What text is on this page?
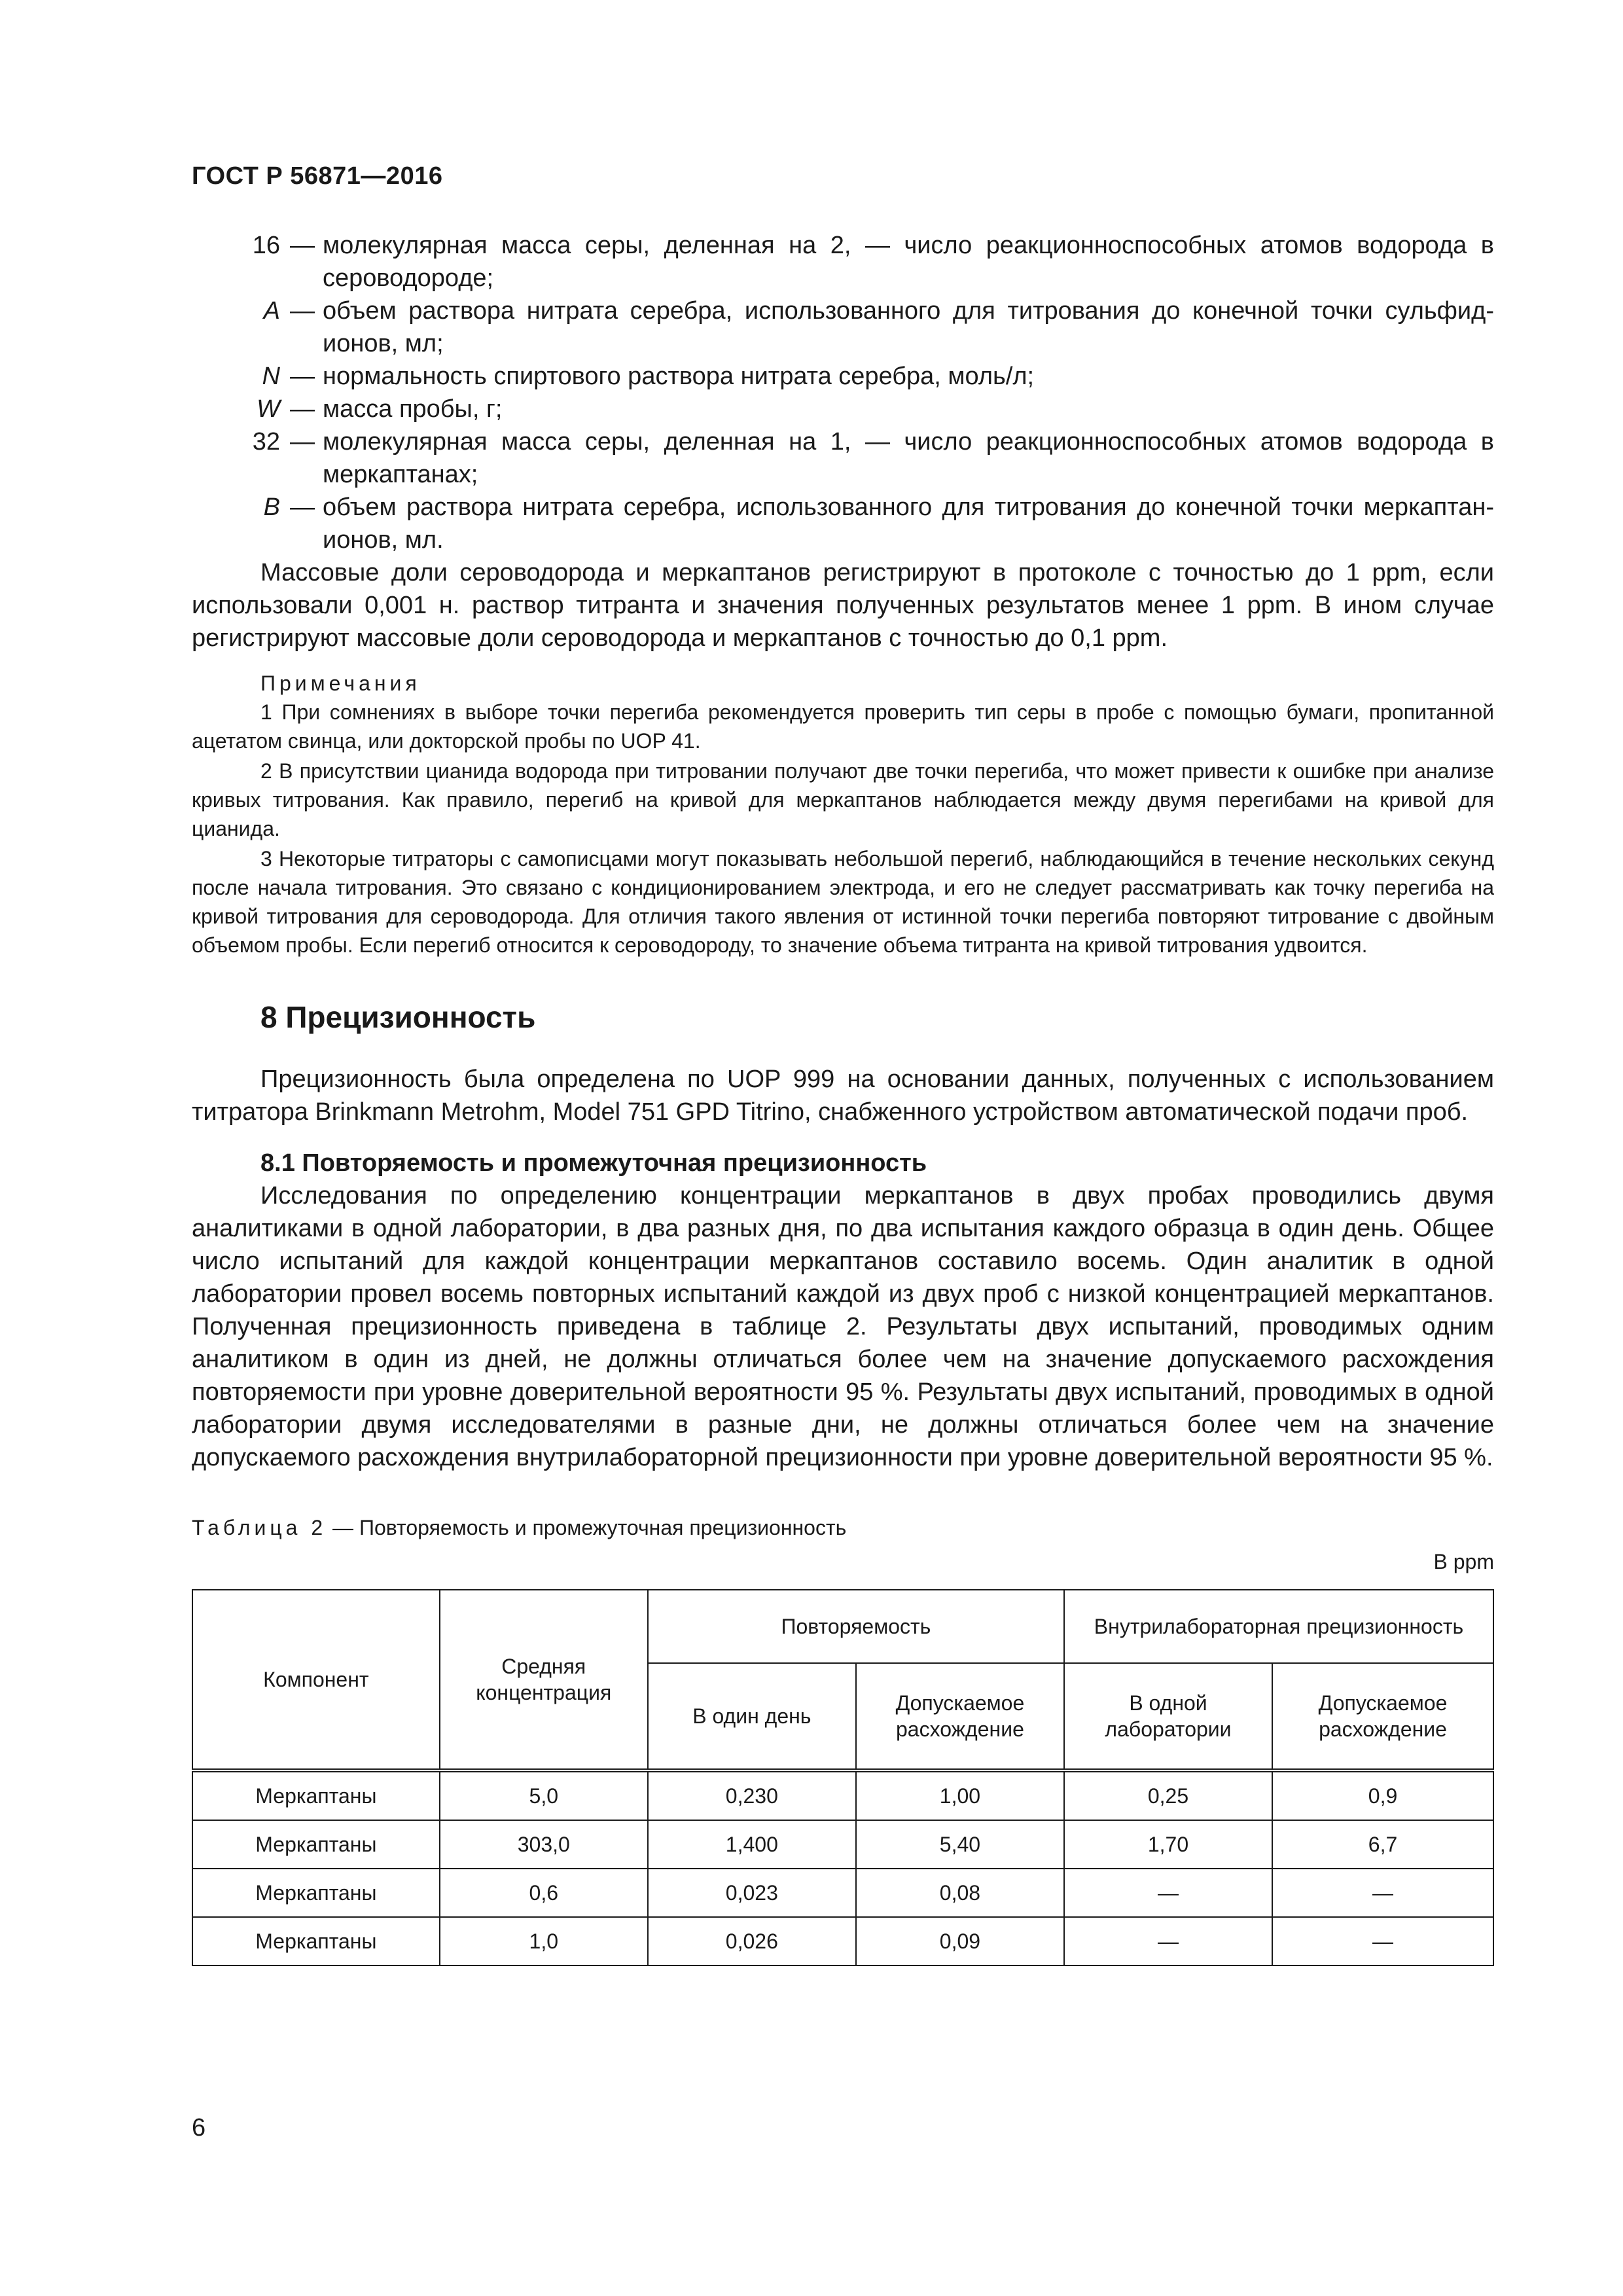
ГОСТ Р 56871—2016
16 — молекулярная масса серы, деленная на 2, — число реакционноспособных атомов водорода в сероводороде;
A — объем раствора нитрата серебра, использованного для титрования до конечной точки сульфид-ионов, мл;
N — нормальность спиртового раствора нитрата серебра, моль/л;
W — масса пробы, г;
32 — молекулярная масса серы, деленная на 1, — число реакционноспособных атомов водорода в меркаптанах;
B — объем раствора нитрата серебра, использованного для титрования до конечной точки меркаптан-ионов, мл.

Массовые доли сероводорода и меркаптанов регистрируют в протоколе с точностью до 1 ppm, если использовали 0,001 н. раствор титранта и значения полученных результатов менее 1 ppm. В ином случае регистрируют массовые доли сероводорода и меркаптанов с точностью до 0,1 ppm.

Примечания

1 При сомнениях в выборе точки перегиба рекомендуется проверить тип серы в пробе с помощью бумаги, пропитанной ацетатом свинца, или докторской пробы по UOP 41.

2 В присутствии цианида водорода при титровании получают две точки перегиба, что может привести к ошибке при анализе кривых титрования. Как правило, перегиб на кривой для меркаптанов наблюдается между двумя перегибами на кривой для цианида.

3 Некоторые титраторы с самописцами могут показывать небольшой перегиб, наблюдающийся в течение нескольких секунд после начала титрования. Это связано с кондиционированием электрода, и его не следует рассматривать как точку перегиба на кривой титрования для сероводорода. Для отличия такого явления от истинной точки перегиба повторяют титрование с двойным объемом пробы. Если перегиб относится к сероводороду, то значение объема титранта на кривой титрования удвоится.

8 Прецизионность

Прецизионность была определена по UOP 999 на основании данных, полученных с использованием титратора Brinkmann Metrohm, Model 751 GPD Titrino, снабженного устройством автоматической подачи проб.

8.1 Повторяемость и промежуточная прецизионность

Исследования по определению концентрации меркаптанов в двух пробах проводились двумя аналитиками в одной лаборатории, в два разных дня, по два испытания каждого образца в один день. Общее число испытаний для каждой концентрации меркаптанов составило восемь. Один аналитик в одной лаборатории провел восемь повторных испытаний каждой из двух проб с низкой концентрацией меркаптанов. Полученная прецизионность приведена в таблице 2. Результаты двух испытаний, проводимых одним аналитиком в один из дней, не должны отличаться более чем на значение допускаемого расхождения повторяемости при уровне доверительной вероятности 95 %. Результаты двух испытаний, проводимых в одной лаборатории двумя исследователями в разные дни, не должны отличаться более чем на значение допускаемого расхождения внутрилабораторной прецизионности при уровне доверительной вероятности 95 %.

Таблица 2 — Повторяемость и промежуточная прецизионность
В ppm
Компонент	Средняя концентрация	Повторяемость		Внутрилабораторная прецизионность	
		В один день	Допускаемое расхождение	В одной лаборатории	Допускаемое расхождение
Меркаптаны	5,0	0,230	1,00	0,25	0,9
Меркаптаны	303,0	1,400	5,40	1,70	6,7
Меркаптаны	0,6	0,023	0,08	—	—
Меркаптаны	1,0	0,026	0,09	—	—
6
